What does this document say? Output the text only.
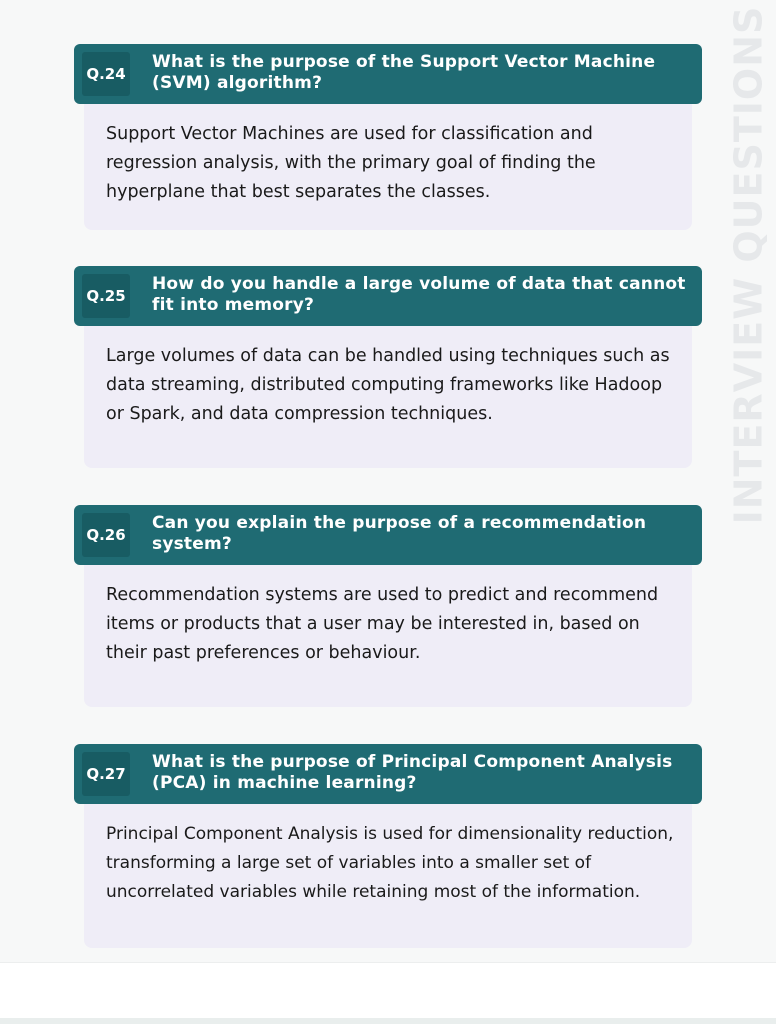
INTERVIEW QUESTIONS
Q.24
What is the purpose of the Support Vector Machine (SVM) algorithm?
Support Vector Machines are used for classification and regression analysis, with the primary goal of finding the hyperplane that best separates the classes.
Q.25
How do you handle a large volume of data that cannot fit into memory?
Large volumes of data can be handled using techniques such as data streaming, distributed computing frameworks like Hadoop or Spark, and data compression techniques.
Q.26
Can you explain the purpose of a recommendation system?
Recommendation systems are used to predict and recommend items or products that a user may be interested in, based on their past preferences or behaviour.
Q.27
What is the purpose of Principal Component Analysis (PCA) in machine learning?
Principal Component Analysis is used for dimensionality reduction, transforming a large set of variables into a smaller set of uncorrelated variables while retaining most of the information.
